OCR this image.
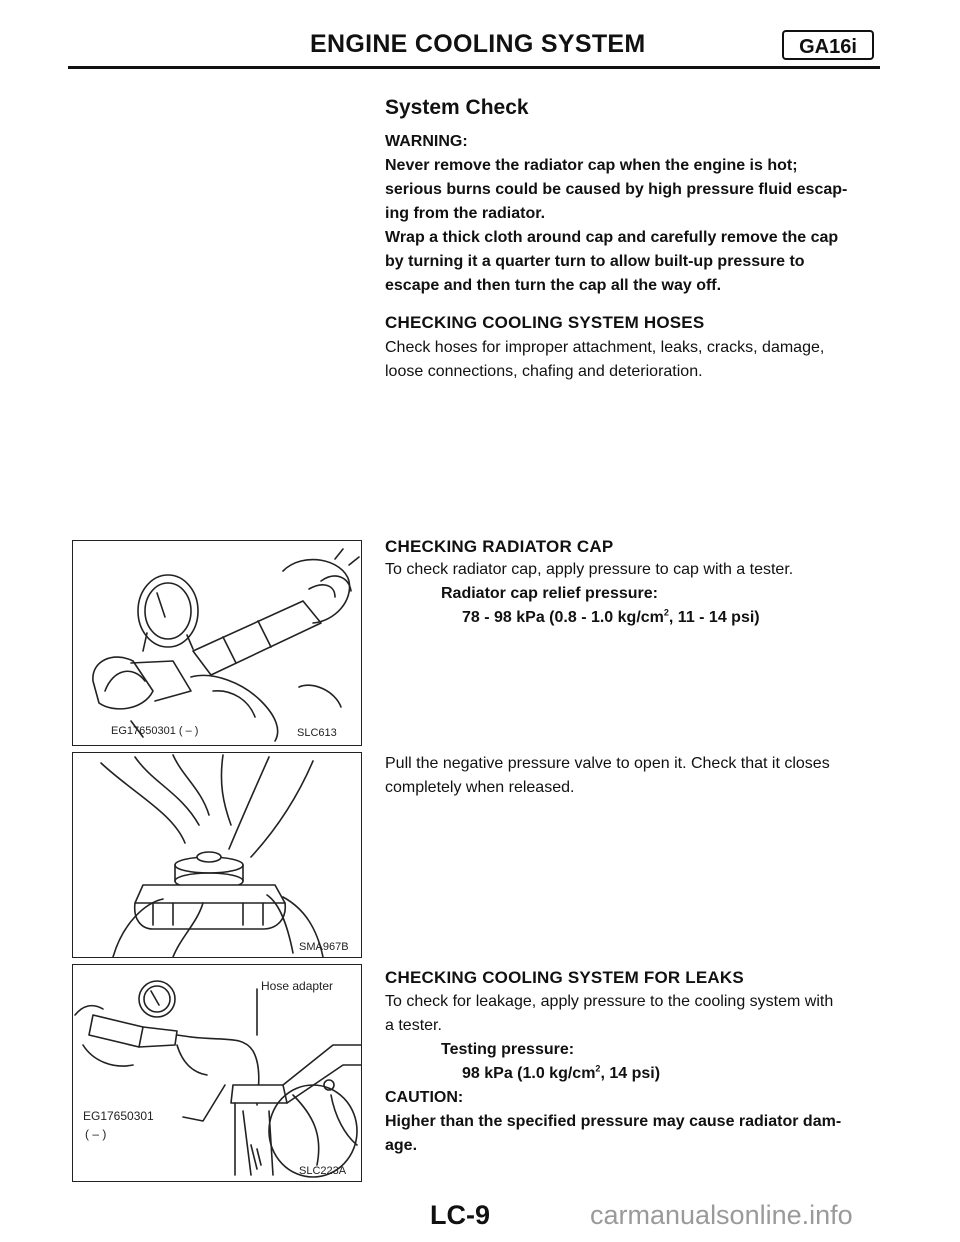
ENGINE COOLING SYSTEM	GA16i
System Check
WARNING:
Never remove the radiator cap when the engine is hot;
serious burns could be caused by high pressure fluid escap-
ing from the radiator.
Wrap a thick cloth around cap and carefully remove the cap
by turning it a quarter turn to allow built-up pressure to
escape and then turn the cap all the way off.
CHECKING COOLING SYSTEM HOSES
Check hoses for improper attachment, leaks, cracks, damage,
loose connections, chafing and deterioration.
CHECKING RADIATOR CAP
To check radiator cap, apply pressure to cap with a tester.
Radiator cap relief pressure:
78 - 98 kPa (0.8 - 1.0 $kg/cm^2$, 11 - 14 psi)
Pull the negative pressure valve to open it. Check that it closes
completely when released.
CHECKING COOLING SYSTEM FOR LEAKS
To check for leakage, apply pressure to the cooling system with
a tester.
Testing pressure:
98 kPa (1.0 $kg/cm^2$, 14 psi)
CAUTION:
Higher than the specified pressure may cause radiator dam-
age.
EG17650301 ( – )	SLC613
SMA967B
Hose adapter
EG17650301
( – )
SLC223A
LC-9	carmanualsonline.info
